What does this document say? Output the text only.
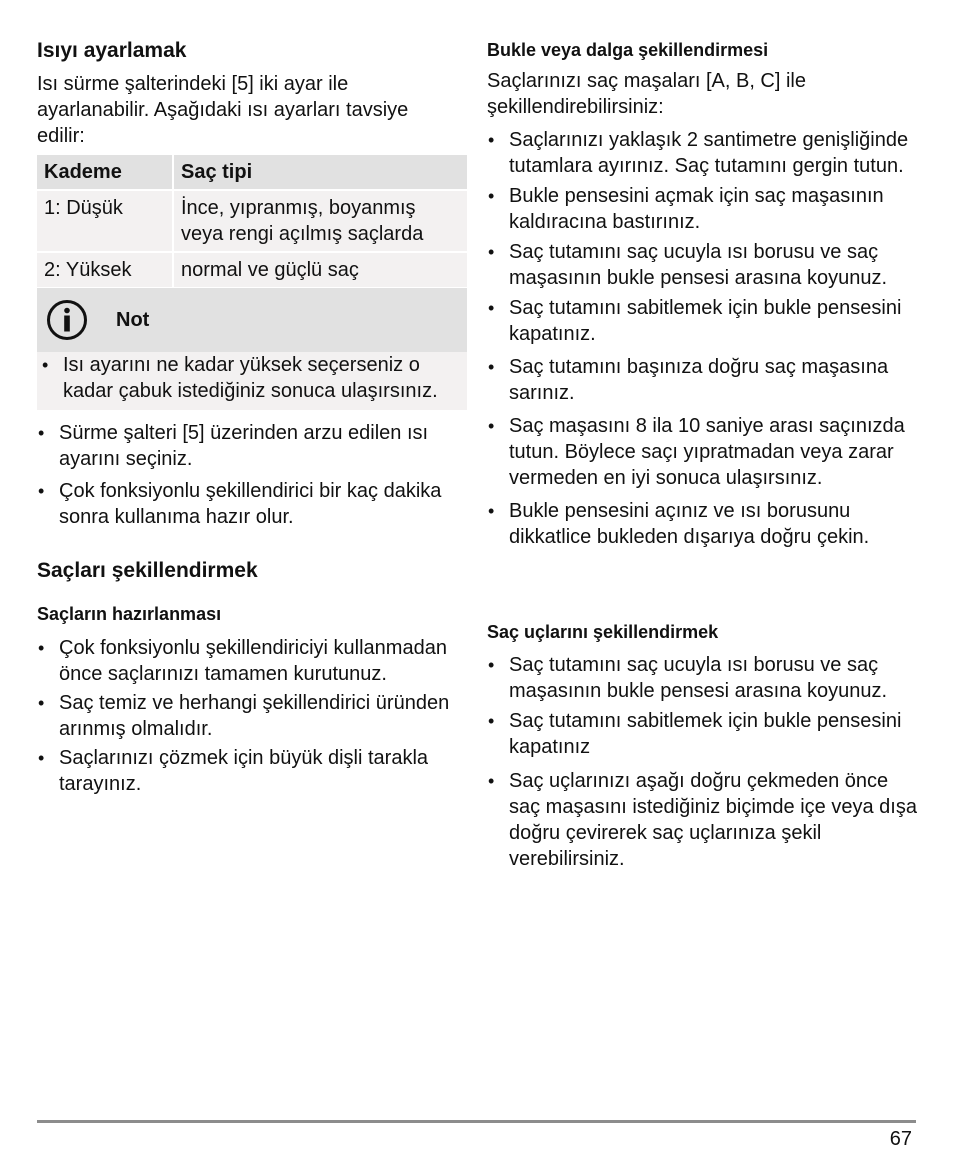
Isıyı ayarlamak

Isı sürme şalterindeki [5] iki ayar ile ayarlanabilir. Aşağıdaki ısı ayarları tavsiye edilir:

Kademe	Saç tipi
1: Düşük	İnce, yıpranmış, boyanmış veya rengi açılmış saçlarda
2: Yüksek	normal ve güçlü saç
Not
• Isı ayarını ne kadar yüksek seçerseniz o kadar çabuk istediğiniz sonuca ulaşırsınız.
• Sürme şalteri [5] üzerinden arzu edilen ısı ayarını seçiniz.
• Çok fonksiyonlu şekillendirici bir kaç dakika sonra kullanıma hazır olur.
Saçları şekillendirmek
Saçların hazırlanması
• Çok fonksiyonlu şekillendiriciyi kullanmadan önce saçlarınızı tamamen kurutunuz.
• Saç temiz ve herhangi şekillendirici üründen arınmış olmalıdır.
• Saçlarınızı çözmek için büyük dişli tarakla tarayınız.
Bukle veya dalga şekillendirmesi

Saçlarınızı saç maşaları [A, B, C] ile şekillendirebilirsiniz:

• Saçlarınızı yaklaşık 2 santimetre genişliğinde tutamlara ayırınız. Saç tutamını gergin tutun.
• Bukle pensesini açmak için saç maşasının kaldıracına bastırınız.
• Saç tutamını saç ucuyla ısı borusu ve saç maşasının bukle pensesi arasına koyunuz.
• Saç tutamını sabitlemek için bukle pensesini kapatınız.
• Saç tutamını başınıza doğru saç maşasına sarınız.
• Saç maşasını 8 ila 10 saniye arası saçınızda tutun. Böylece saçı yıpratmadan veya zarar vermeden en iyi sonuca ulaşırsınız.
• Bukle pensesini açınız ve ısı borusunu dikkatlice bukleden dışarıya doğru çekin.
Saç uçlarını şekillendirmek
• Saç tutamını saç ucuyla ısı borusu ve saç maşasının bukle pensesi arasına koyunuz.
• Saç tutamını sabitlemek için bukle pensesini kapatınız
• Saç uçlarınızı aşağı doğru çekmeden önce saç maşasını istediğiniz biçimde içe veya dışa doğru çevirerek saç uçlarınıza şekil verebilirsiniz.
67
